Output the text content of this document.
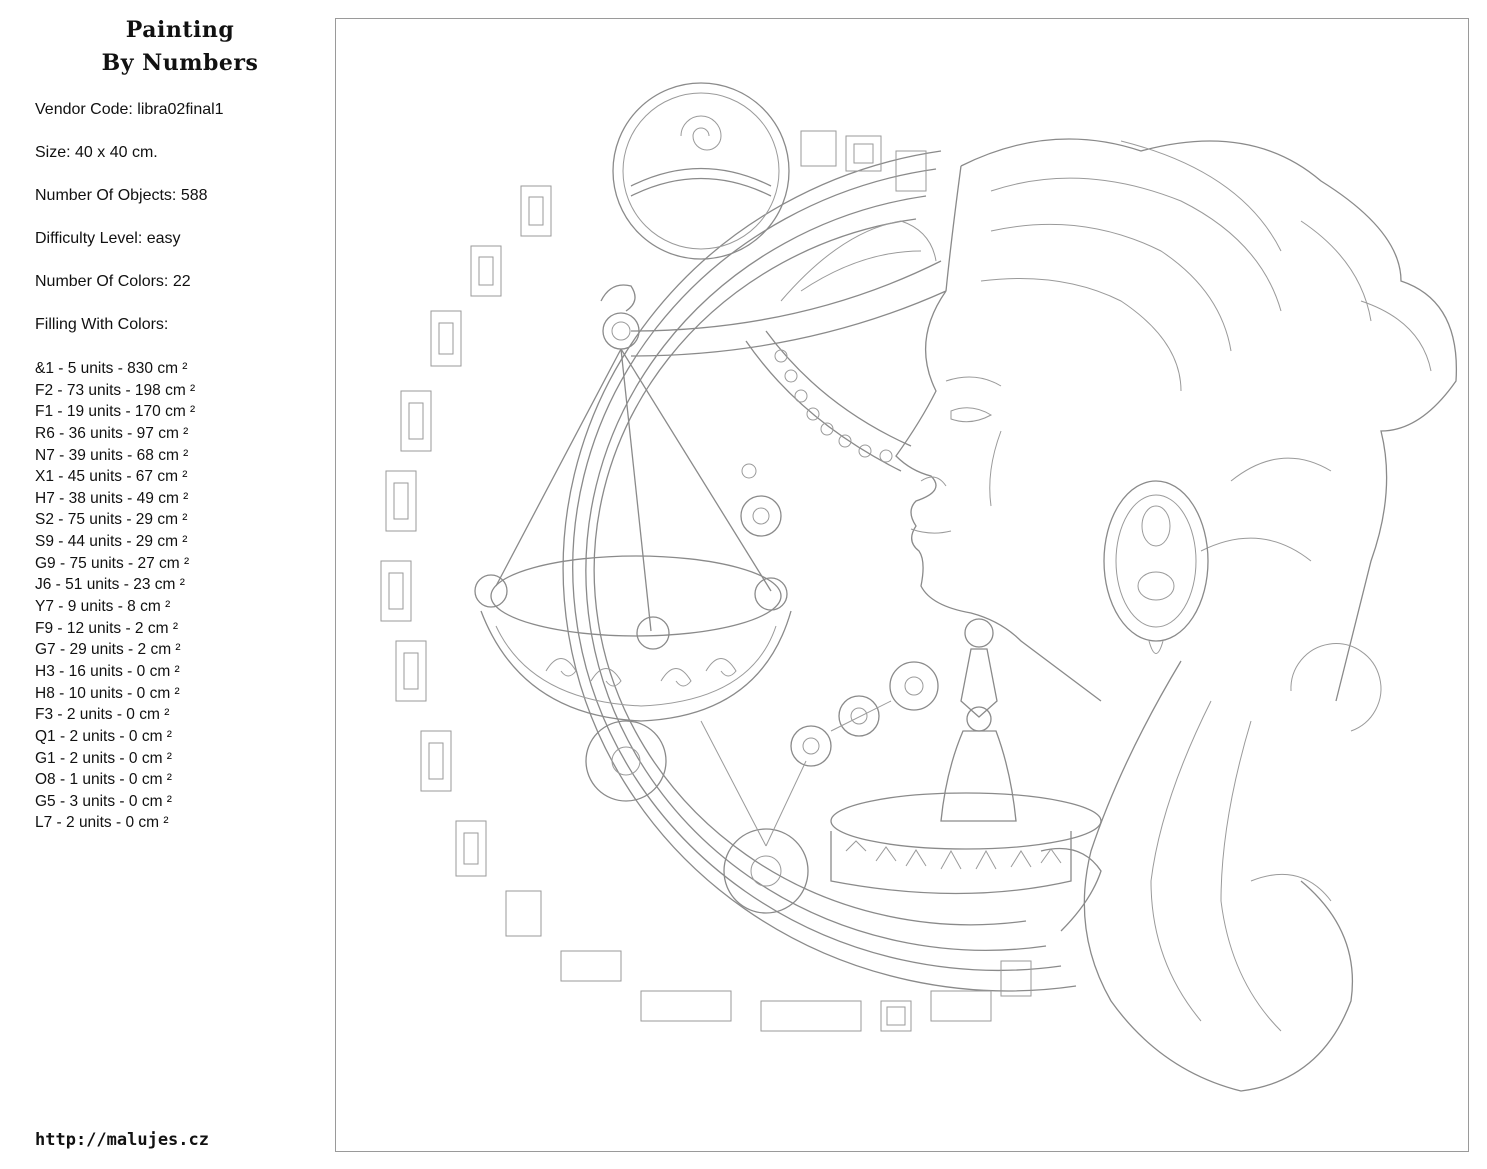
Painting
By Numbers
Vendor Code: libra02final1
Size: 40 x 40 cm.
Number Of Objects: 588
Difficulty Level: easy
Number Of Colors: 22
Filling With Colors:
&1 - 5 units - 830 cm ²
F2 - 73 units - 198 cm ²
F1 - 19 units - 170 cm ²
R6 - 36 units - 97 cm ²
N7 - 39 units - 68 cm ²
X1 - 45 units - 67 cm ²
H7 - 38 units - 49 cm ²
S2 - 75 units - 29 cm ²
S9 - 44 units - 29 cm ²
G9 - 75 units - 27 cm ²
J6 - 51 units - 23 cm ²
Y7 - 9 units - 8 cm ²
F9 - 12 units - 2 cm ²
G7 - 29 units - 2 cm ²
H3 - 16 units - 0 cm ²
H8 - 10 units - 0 cm ²
F3 - 2 units - 0 cm ²
Q1 - 2 units - 0 cm ²
G1 - 2 units - 0 cm ²
O8 - 1 units - 0 cm ²
G5 - 3 units - 0 cm ²
L7 - 2 units - 0 cm ²
http://malujes.cz
